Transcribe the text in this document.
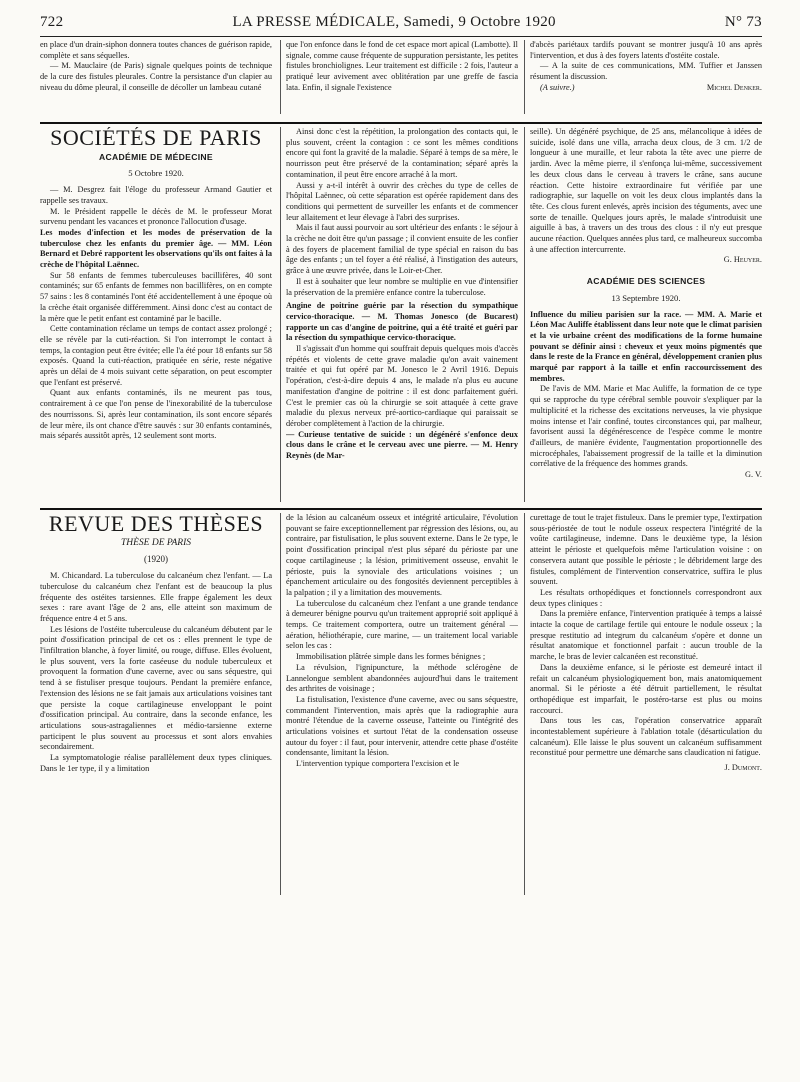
722	LA PRESSE MÉDICALE, Samedi, 9 Octobre 1920	N° 73

en place d'un drain-siphon donnera toutes chances de guérison rapide, complète et sans séquelles.

— M. Mauclaire (de Paris) signale quelques points de technique de la cure des fistules pleurales. Contre la persistance d'un clapier au niveau du dôme pleural, il conseille de décoller un lambeau cutané

que l'on enfonce dans le fond de cet espace mort apical (Lambotte). Il signale, comme cause fréquente de suppuration persistante, les petites fistules bronchiolignes. Leur traitement est difficile : 2 fois, l'auteur a pratiqué leur avivement avec oblitération par une greffe de fascia lata. Enfin, il signale l'existence

d'abcès pariétaux tardifs pouvant se montrer jusqu'à 10 ans après l'intervention, et dus à des foyers latents d'ostéite costale.

— A la suite de ces communications, MM. Tuffier et Janssen résument la discussion.

(A suivre.)	Michel Denker.
SOCIÉTÉS DE PARIS
ACADÉMIE DE MÉDECINE
5 Octobre 1920.

— M. Desgrez fait l'éloge du professeur Armand Gautier et rappelle ses travaux.

M. le Président rappelle le décès de M. le professeur Morat survenu pendant les vacances et prononce l'allocution d'usage.

Les modes d'infection et les modes de préservation de la tuberculose chez les enfants du premier âge. — MM. Léon Bernard et Debré rapportent les observations qu'ils ont faites à la crèche de l'hôpital Laënnec.

Sur 58 enfants de femmes tuberculeuses bacillifères, 40 sont contaminés; sur 65 enfants de femmes non bacillifères, on en compte 57 sains : les 8 contaminés l'ont été accidentellement à une époque où la crèche était organisée différemment. Ainsi donc c'est au contact de la mère que le petit enfant est contaminé par le bacille.

Cette contamination réclame un temps de contact assez prolongé ; elle se révèle par la cuti-réaction. Si l'on interrompt le contact à temps, la contagion peut être évitée; elle l'a été pour 18 enfants sur 58 exposés. Quand la cuti-réaction, pratiquée en série, reste négative après un délai de 4 mois suivant cette séparation, on peut escompter que l'enfant est préservé.

Quant aux enfants contaminés, ils ne meurent pas tous, contrairement à ce que l'on pense de l'inexorabilité de la tuberculose des nourrissons. Si, après leur contamination, ils sont encore séparés de leur mère, ils ont chance d'être sauvés : sur 30 enfants contaminés, mais séparés aussitôt après, 12 seulement sont morts.

Ainsi donc c'est la répétition, la prolongation des contacts qui, le plus souvent, créent la contagion : ce sont les mêmes conditions encore qui font la gravité de la maladie. Séparé à temps de sa mère, le nourrisson peut être préservé de la contamination; séparé après la contamination, il peut être encore arraché à la mort.

Aussi y a-t-il intérêt à ouvrir des crèches du type de celles de l'hôpital Laënnec, où cette séparation est opérée rapidement dans des conditions qui permettent de surveiller les enfants et de commencer leur allaitement et leur élevage à l'abri des surprises.

Mais il faut aussi pourvoir au sort ultérieur des enfants : le séjour à la crèche ne doit être qu'un passage ; il convient ensuite de les confier à des foyers de placement familial de type spécial en raison du bas âge des enfants ; un tel foyer a été réalisé, à l'instigation des auteurs, grâce à une œuvre privée, dans le Loir-et-Cher.

Il est à souhaiter que leur nombre se multiplie en vue d'intensifier la préservation de la première enfance contre la tuberculose.

Angine de poitrine guérie par la résection du sympathique cervico-thoracique. — M. Thomas Jonesco (de Bucarest) rapporte un cas d'angine de poitrine, qui a été traité et guéri par la résection du sympathique cervico-thoracique.

Il s'agissait d'un homme qui souffrait depuis quelques mois d'accès répétés et violents de cette grave maladie qu'on avait vainement traitée et qui fut opéré par M. Jonesco le 2 Avril 1916. Depuis l'opération, c'est-à-dire depuis 4 ans, le malade n'a plus eu aucune manifestation d'angine de poitrine : il est donc parfaitement guéri. C'est le premier cas où la chirurgie se soit attaquée à cette grave maladie du plexus nerveux pré-aortico-cardiaque qui paraissait se dérober complètement à l'action de la chirurgie.

— Curieuse tentative de suicide : un dégénéré s'enfonce deux clous dans le crâne et le cerveau avec une pierre. — M. Henry Reynès (de Mar-

seille). Un dégénéré psychique, de 25 ans, mélancolique à idées de suicide, isolé dans une villa, arracha deux clous, de 3 cm. 1/2 de longueur à une muraille, et leur rabota la tête avec une pierre de jardin. Avec la même pierre, il s'enfonça lui-même, successivement les deux clous dans le cerveau à travers le crâne, sans aucune réaction. Cette histoire extraordinaire fut vérifiée par une radiographie, sur laquelle on voit les deux clous implantés dans la tête. Ces clous furent enlevés, après incision des téguments, avec une sorte de tenaille. Quelques jours après, le malade s'introduisit une aiguille à bas, à travers un des trous des clous : il n'y eut presque aucune réaction. Quelques années plus tard, ce malheureux succomba à une affection intercurrente.

G. Heuyer.

ACADÉMIE DES SCIENCES
13 Septembre 1920.

Influence du milieu parisien sur la race. — MM. A. Marie et Léon Mac Auliffe établissent dans leur note que le climat parisien et la vie urbaine créent des modifications de la forme humaine pouvant se définir ainsi : cheveux et yeux moins pigmentés que dans le reste de la France en général, développement cranien plus marqué par rapport à la taille et enfin raccourcissement des membres.

De l'avis de MM. Marie et Mac Auliffe, la formation de ce type qui se rapproche du type cérébral semble pouvoir s'expliquer par la multiplicité et la richesse des excitations nerveuses, la vie physique moins intense et l'air confiné, toutes circonstances qui, par malheur, favorisent aussi la dégénérescence de l'espèce comme le montre d'ailleurs, de manière évidente, l'augmentation proportionnelle des microcéphales, l'abaissement progressif de la taille et la diminution corrélative de la fréquence des hommes grands.

G. V.

REVUE DES THÈSES
THÈSE DE PARIS
(1920)

M. Chicandard. La tuberculose du calcanéum chez l'enfant. — La tuberculose du calcanéum chez l'enfant est de beaucoup la plus fréquente des ostéites tarsiennes. Elle frappe également les deux sexes : rare avant l'âge de 2 ans, elle atteint son maximum de fréquence entre 4 et 5 ans.

Les lésions de l'ostéite tuberculeuse du calcanéum débutent par le point d'ossification principal de cet os : elles prennent le type de l'infiltration blanche, à foyer limité, ou rouge, diffuse. Elles évoluent, le plus souvent, vers la forte caséeuse du nodule tuberculeux et provoquent la formation d'une caverne, avec ou sans séquestre, qui tend à se fistuliser presque toujours. Pendant la première enfance, l'extension des lésions ne se fait jamais aux articulations voisines tant que persiste la coque cartilagineuse enveloppant le point d'ossification principal. Au contraire, dans la seconde enfance, les articulations sous-astragaliennes et médio-tarsienne externe participent le plus souvent au processus et sont alors envahies secondairement.

La symptomatologie réalise parallèlement deux types cliniques. Dans le 1er type, il y a limitation

de la lésion au calcanéum osseux et intégrité articulaire, l'évolution pouvant se faire exceptionnellement par régression des lésions, ou, au contraire, par fistulisation, le plus souvent externe. Dans le 2e type, le point d'ossification principal n'est plus séparé du périoste par une coque cartilagineuse ; la lésion, primitivement osseuse, envahit le périoste, puis la synoviale des articulations voisines ; un épanchement articulaire ou des fongosités deviennent perceptibles à la palpation ; il y a limitation des mouvements.

La tuberculose du calcanéum chez l'enfant a une grande tendance à demeurer bénigne pourvu qu'un traitement approprié soit appliqué à temps. Ce traitement comportera, outre un traitement général — aération, héliothérapie, cure marine, — un traitement local variable selon les cas :

Immobilisation plâtrée simple dans les formes bénignes ;

La révulsion, l'ignipuncture, la méthode sclérogène de Lannelongue semblent abandonnées aujourd'hui dans le traitement des arthrites de voisinage ;

La fistulisation, l'existence d'une caverne, avec ou sans séquestre, commandent l'intervention, mais après que la radiographie aura montré l'étendue de la caverne osseuse, l'atteinte ou l'intégrité des articulations voisines et surtout l'état de la condensation osseuse autour du foyer : il faut, pour intervenir, attendre cette phase d'ostéite condensante, limitant la lésion.

L'intervention typique comportera l'excision et le

curettage de tout le trajet fistuleux. Dans le premier type, l'extirpation sous-périostée de tout le nodule osseux respectera l'intégrité de la voûte cartilagineuse, indemne. Dans le deuxième type, la lésion atteint le périoste et quelquefois même l'articulation voisine : on conservera autant que possible le périoste ; le débridement large des fistules, complément de l'intervention conservatrice, suffira le plus souvent.

Les résultats orthopédiques et fonctionnels correspondront aux deux types cliniques :

Dans la première enfance, l'intervention pratiquée à temps a laissé intacte la coque de cartilage fertile qui entoure le nodule osseux ; la presque restitutio ad integrum du calcanéum s'opère et donne un résultat anatomique et fonctionnel parfait : aucun trouble de la marche, le bras de levier calcanéen est reconstitué.

Dans la deuxième enfance, si le périoste est demeuré intact il refait un calcanéum physiologiquement bon, mais anatomiquement anormal. Si le périoste a été détruit partiellement, le résultat orthopédique est imparfait, le postéro-tarse est plus ou moins raccourci.

Dans tous les cas, l'opération conservatrice apparaît incontestablement supérieure à l'ablation totale (désarticulation du calcanéum). Elle laisse le plus souvent un calcanéum suffisamment reconstitué pour permettre une démarche sans claudication ni fatigue.

J. Dumont.
